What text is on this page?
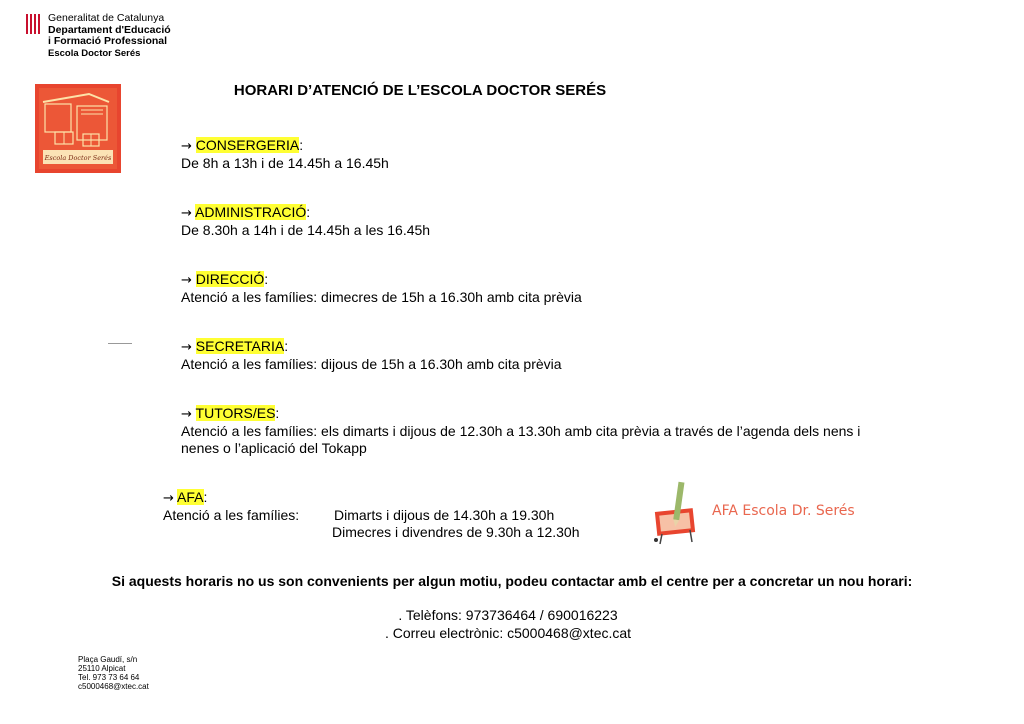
Generalitat de Catalunya
Departament d'Educació
i Formació Professional
Escola Doctor Serés
Escola Doctor Serés
HORARI D’ATENCIÓ DE L’ESCOLA DOCTOR SERÉS
→ CONSERGERIA:
De 8h a 13h i de 14.45h a 16.45h
→ ADMINISTRACIÓ:
De 8.30h a 14h i de 14.45h a les 16.45h
→ DIRECCIÓ:
Atenció a les famílies: dimecres de 15h a 16.30h amb cita prèvia
→ SECRETARIA:
Atenció a les famílies: dijous de 15h a 16.30h amb cita prèvia
→ TUTORS/ES:
Atenció a les famílies: els dimarts i dijous de 12.30h a 13.30h amb cita prèvia a través de l’agenda dels nens i
nenes o l’aplicació del Tokapp
→ AFA:
Atenció a les famílies: Dimarts i dijous de 14.30h a 19.30h
Dimecres i divendres de 9.30h a 12.30h
AFA Escola Dr. Serés
Si aquests horaris no us son convenients per algun motiu, podeu contactar amb el centre per a concretar un nou horari:
. Telèfons: 973736464 / 690016223
. Correu electrònic: c5000468@xtec.cat
Plaça Gaudí, s/n
25110 Alpicat
Tel. 973 73 64 64
c5000468@xtec.cat
